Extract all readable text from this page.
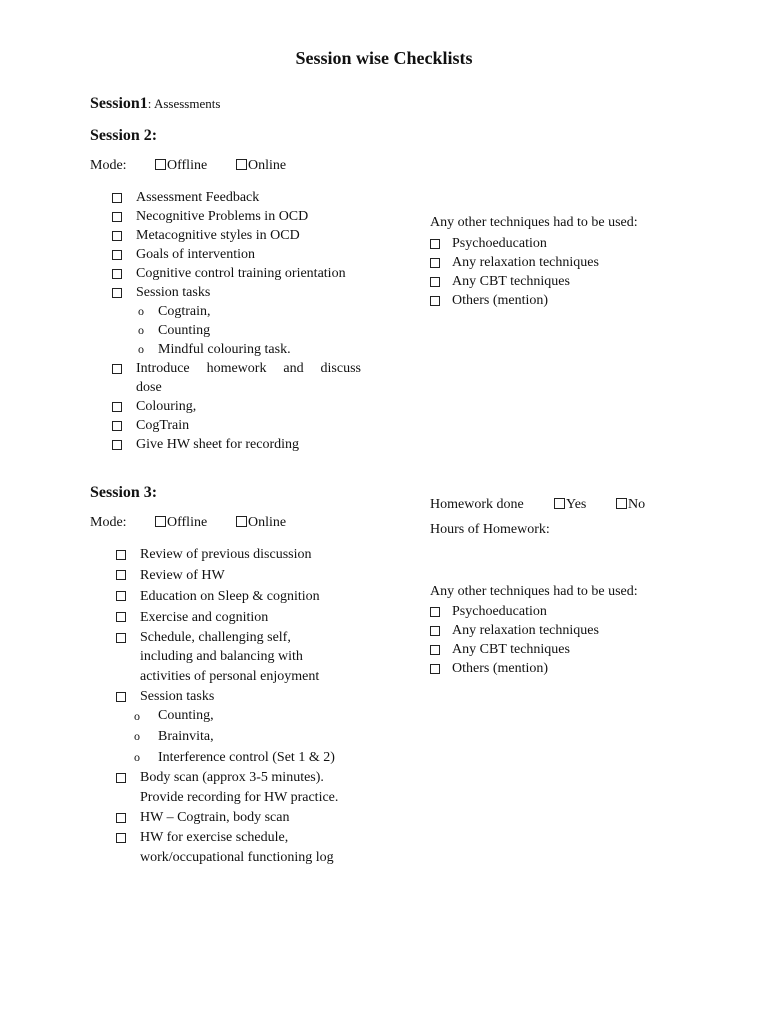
Session wise Checklists
Session1: Assessments
Session 2:
Mode:	Offline	Online
Assessment Feedback
Necognitive Problems in OCD
Metacognitive styles in OCD
Goals of intervention
Cognitive control training orientation
Session tasks
o Cogtrain,
o Counting
o Mindful colouring task.
Introduce homework and discuss
dose
Colouring,
CogTrain
Give HW sheet for recording
Any other techniques had to be used:
Psychoeducation
Any relaxation techniques
Any CBT techniques
Others (mention)
Session 3:
Mode:	Offline	Online
Homework done	Yes	No
Hours of Homework:
Review of previous discussion
Review of HW
Education on Sleep & cognition
Exercise and cognition
Schedule, challenging self,
including and balancing with
activities of personal enjoyment
Session tasks
o Counting,
o Brainvita,
o Interference control (Set 1 & 2)
Body scan (approx 3-5 minutes).
Provide recording for HW practice.
HW – Cogtrain, body scan
HW for exercise schedule,
work/occupational functioning log
Any other techniques had to be used:
Psychoeducation
Any relaxation techniques
Any CBT techniques
Others (mention)
